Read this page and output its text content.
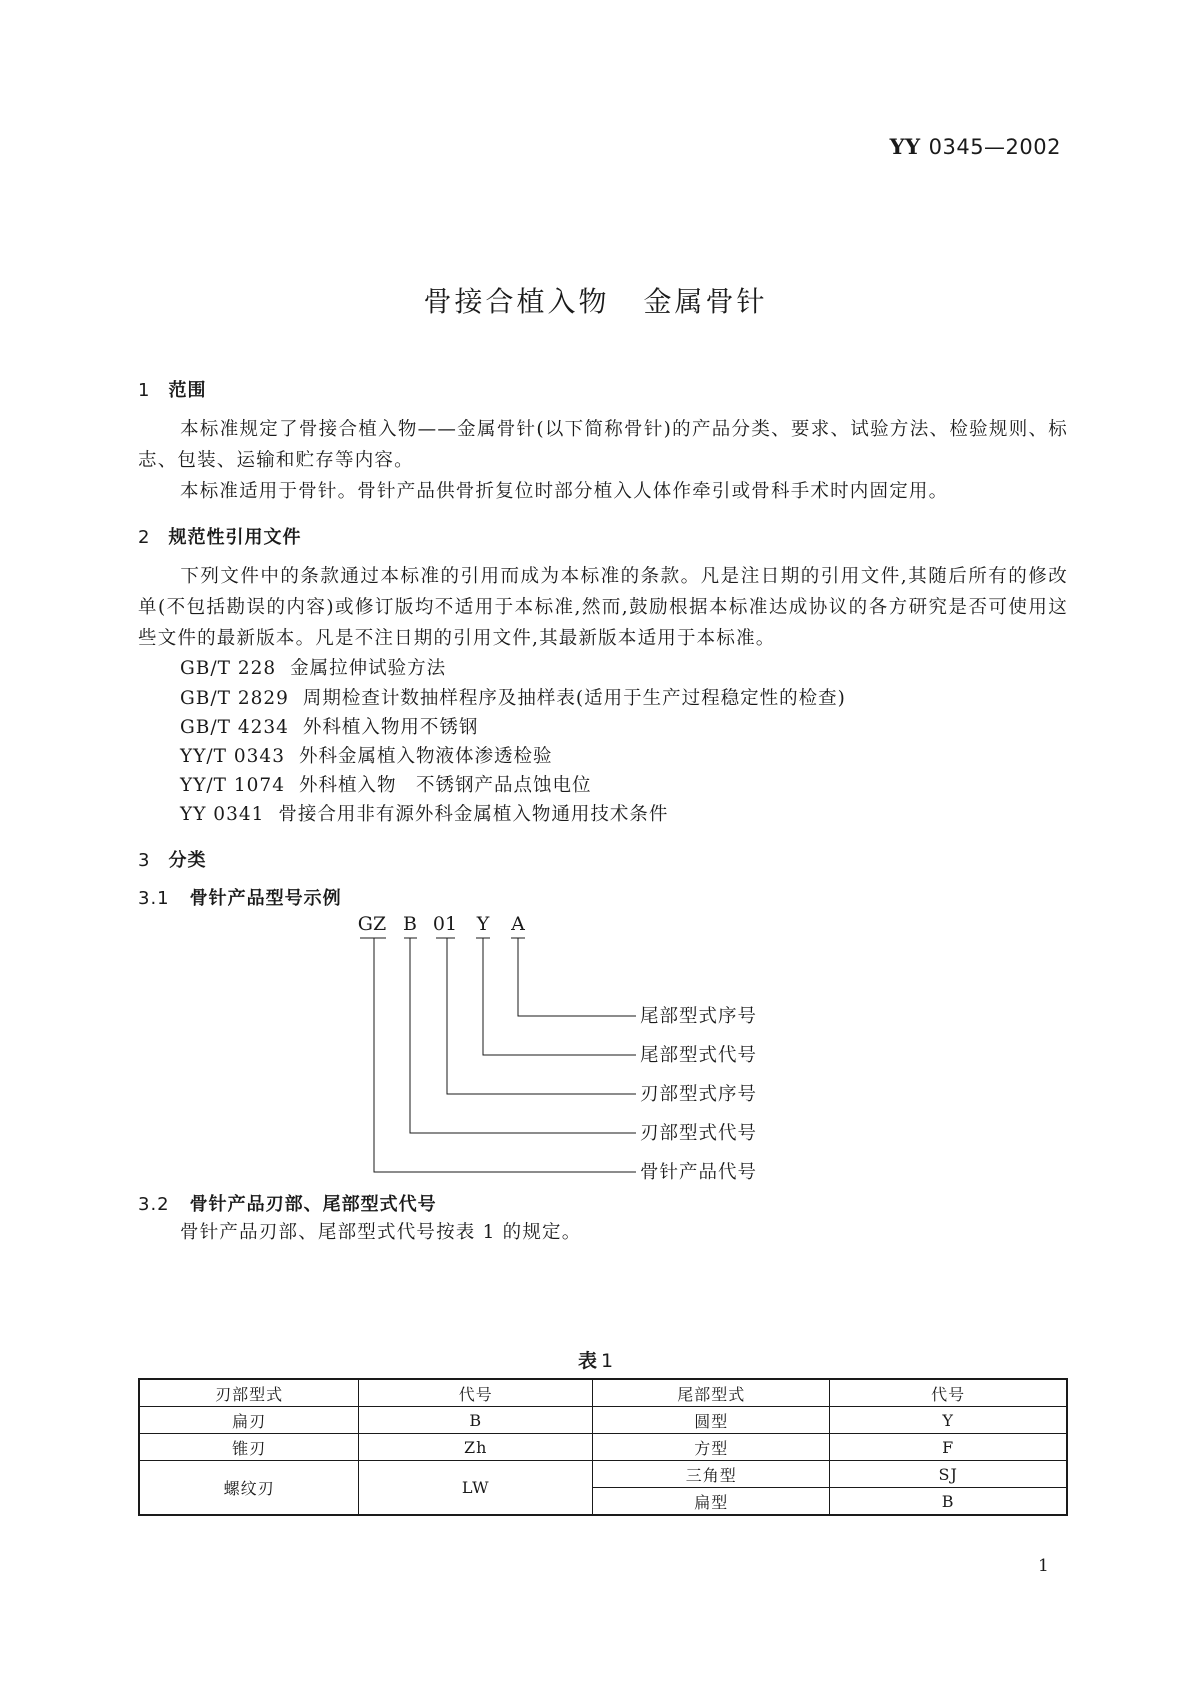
YY 0345—2002
骨接合植入物 金属骨针
1 范围
本标准规定了骨接合植入物——金属骨针(以下简称骨针)的产品分类、要求、试验方法、检验规则、标志、包装、运输和贮存等内容。
本标准适用于骨针。骨针产品供骨折复位时部分植入人体作牵引或骨科手术时内固定用。
2 规范性引用文件
下列文件中的条款通过本标准的引用而成为本标准的条款。凡是注日期的引用文件,其随后所有的修改单(不包括勘误的内容)或修订版均不适用于本标准,然而,鼓励根据本标准达成协议的各方研究是否可使用这些文件的最新版本。凡是不注日期的引用文件,其最新版本适用于本标准。
GB/T 228 金属拉伸试验方法
GB/T 2829 周期检查计数抽样程序及抽样表(适用于生产过程稳定性的检查)
GB/T 4234 外科植入物用不锈钢
YY/T 0343 外科金属植入物液体渗透检验
YY/T 1074 外科植入物　不锈钢产品点蚀电位
YY 0341 骨接合用非有源外科金属植入物通用技术条件
3 分类
3.1 骨针产品型号示例
GZ B 01 Y A
尾部型式序号
尾部型式代号
刃部型式序号
刃部型式代号
骨针产品代号
3.2 骨针产品刃部、尾部型式代号
骨针产品刃部、尾部型式代号按表 1 的规定。
表 1
刃部型式	代号	尾部型式	代号
扁刃	B	圆型	Y
锥刃	Zh	方型	F
螺纹刃	LW	三角型	SJ
		扁型	B
1
